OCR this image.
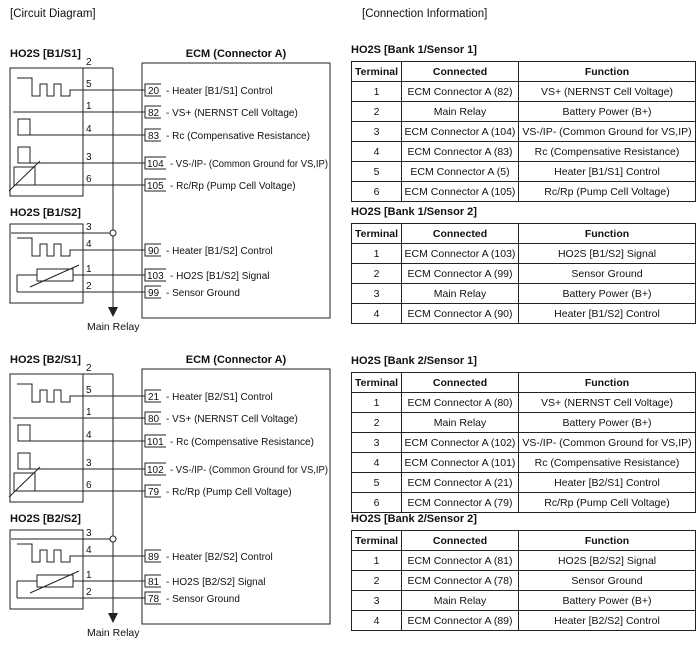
[Circuit Diagram]	[Connection Information]
HO2S [B1/S1]
2
5
1
4
3
6
HO2S [B1/S2]
3
4
1
2
Main Relay
ECM (Connector A)
20 - Heater [B1/S1] Control
82 - VS+ (NERNST Cell Voltage)
83 - Rc (Compensative Resistance)
104 - VS-/IP- (Common Ground for VS,IP)
105 - Rc/Rp (Pump Cell Voltage)
90 - Heater [B1/S2] Control
103 - HO2S [B1/S2] Signal
99 - Sensor Ground
HO2S [B2/S1]
2
5
1
4
3
6
HO2S [B2/S2]
3
4
1
2
Main Relay
ECM (Connector A)
21 - Heater [B2/S1] Control
80 - VS+ (NERNST Cell Voltage)
101 - Rc (Compensative Resistance)
102 - VS-/IP- (Common Ground for VS,IP)
79 - Rc/Rp (Pump Cell Voltage)
89 - Heater [B2/S2] Control
81 - HO2S [B2/S2] Signal
78 - Sensor Ground
HO2S [Bank 1/Sensor 1]
Terminal	Connected	Function
1	ECM Connector A (82)	VS+ (NERNST Cell Voltage)
2	Main Relay	Battery Power (B+)
3	ECM Connector A (104)	VS-/IP- (Common Ground for VS,IP)
4	ECM Connector A (83)	Rc (Compensative Resistance)
5	ECM Connector A (5)	Heater [B1/S1] Control
6	ECM Connector A (105)	Rc/Rp (Pump Cell Voltage)
HO2S [Bank 1/Sensor 2]
Terminal	Connected	Function
1	ECM Connector A (103)	HO2S [B1/S2] Signal
2	ECM Connector A (99)	Sensor Ground
3	Main Relay	Battery Power (B+)
4	ECM Connector A (90)	Heater [B1/S2] Control
HO2S [Bank 2/Sensor 1]
Terminal	Connected	Function
1	ECM Connector A (80)	VS+ (NERNST Cell Voltage)
2	Main Relay	Battery Power (B+)
3	ECM Connector A (102)	VS-/IP- (Common Ground for VS,IP)
4	ECM Connector A (101)	Rc (Compensative Resistance)
5	ECM Connector A (21)	Heater [B2/S1] Control
6	ECM Connector A (79)	Rc/Rp (Pump Cell Voltage)
HO2S [Bank 2/Sensor 2]
Terminal	Connected	Function
1	ECM Connector A (81)	HO2S [B2/S2] Signal
2	ECM Connector A (78)	Sensor Ground
3	Main Relay	Battery Power (B+)
4	ECM Connector A (89)	Heater [B2/S2] Control
